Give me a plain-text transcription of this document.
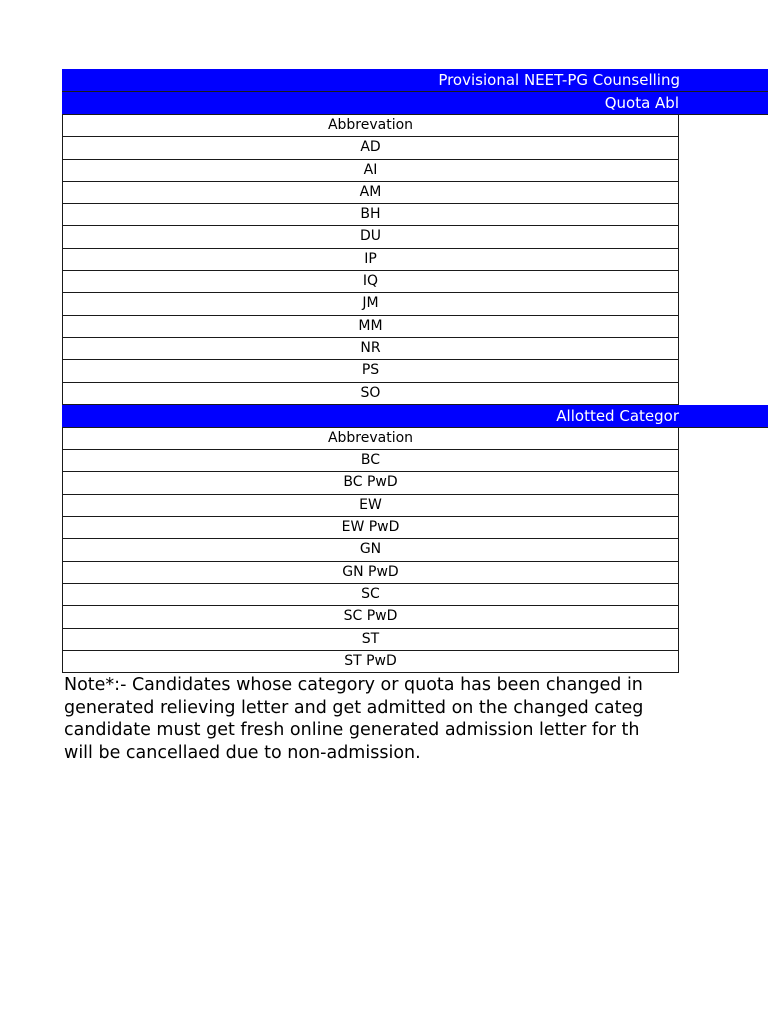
Provisional NEET-PG Counselling
Quota Abl
Abbrevation
AD
AI
AM
BH
DU
IP
IQ
JM
MM
NR
PS
SO
Allotted Categor
Abbrevation
BC
BC PwD
EW
EW PwD
GN
GN PwD
SC
SC PwD
ST
ST PwD
Note*:- Candidates whose category or quota has been changed in
generated relieving letter and get admitted on the changed categ
candidate must get fresh online generated admission letter for th
will be cancellaed due to non-admission.
